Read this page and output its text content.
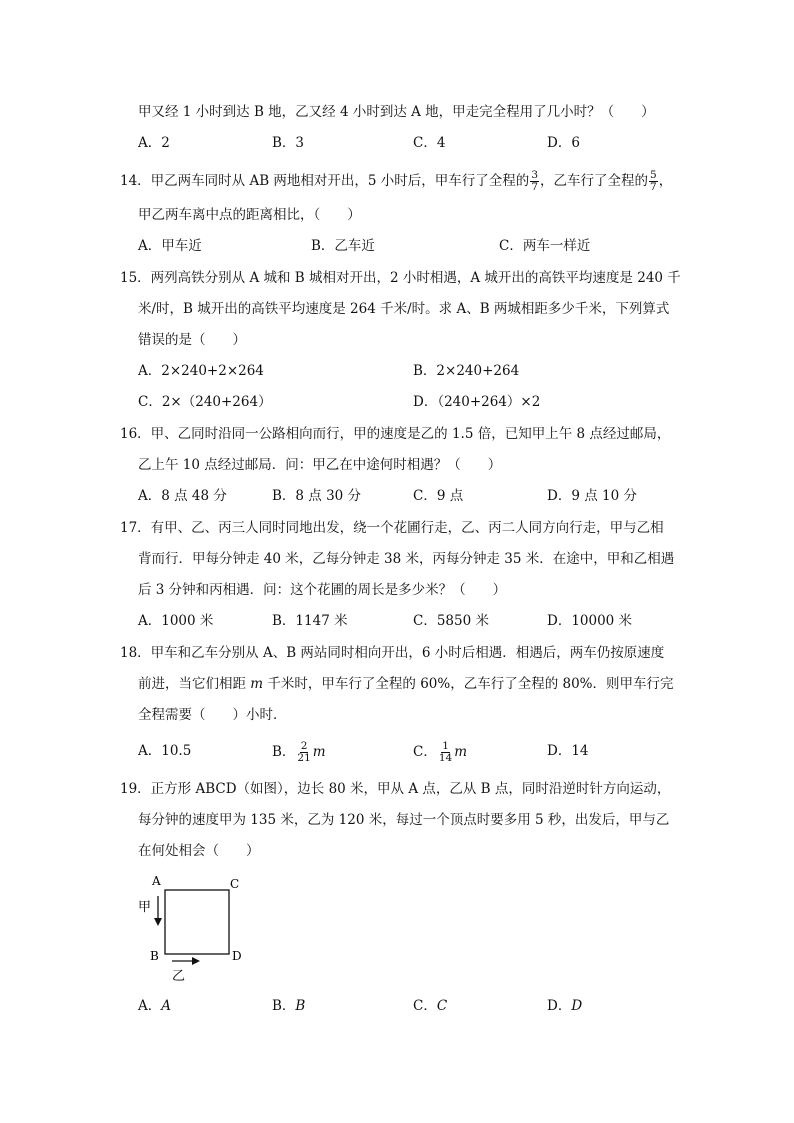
甲又经 1 小时到达 B 地，乙又经 4 小时到达 A 地，甲走完全程用了几小时？（　　）
A．2	B．3	C．4	D．6
14．甲乙两车同时从 AB 两地相对开出，5 小时后，甲车行了全程的 $\frac{3}{7}$ ，乙车行了全程的 $\frac{5}{7}$ ，
甲乙两车离中点的距离相比，（　　）
A．甲车近	B．乙车近	C．两车一样近
15．两列高铁分别从 A 城和 B 城相对开出，2 小时相遇，A 城开出的高铁平均速度是 240 千
米/时，B 城开出的高铁平均速度是 264 千米/时。求 A、B 两城相距多少千米，下列算式
错误的是（　　）
A．2×240+2×264	B．2×240+264
C．2×（240+264）	D．（240+264）×2
16．甲、乙同时沿同一公路相向而行，甲的速度是乙的 1.5 倍，已知甲上午 8 点经过邮局，
乙上午 10 点经过邮局．问：甲乙在中途何时相遇？（　　）
A．8 点 48 分	B．8 点 30 分	C．9 点	D．9 点 10 分
17．有甲、乙、丙三人同时同地出发，绕一个花圃行走，乙、丙二人同方向行走，甲与乙相
背而行．甲每分钟走 40 米，乙每分钟走 38 米，丙每分钟走 35 米．在途中，甲和乙相遇
后 3 分钟和丙相遇．问：这个花圃的周长是多少米？（　　）
A．1000 米	B．1147 米	C．5850 米	D．10000 米
18．甲车和乙车分别从 A、B 两站同时相向开出，6 小时后相遇．相遇后，两车仍按原速度
前进，当它们相距 m 千米时，甲车行了全程的 60%，乙车行了全程的 80%．则甲车行完
全程需要（　　）小时．
A．10.5	B． $\frac{2}{21}$ m	C． $\frac{1}{14}$ m	D．14
19．正方形 ABCD（如图），边长 80 米，甲从 A 点，乙从 B 点，同时沿逆时针方向运动，
每分钟的速度甲为 135 米，乙为 120 米，每过一个顶点时要多用 5 秒，出发后，甲与乙
在何处相会（　　）
A	C
B	D
甲
乙
A．A	B．B	C．C	D．D
